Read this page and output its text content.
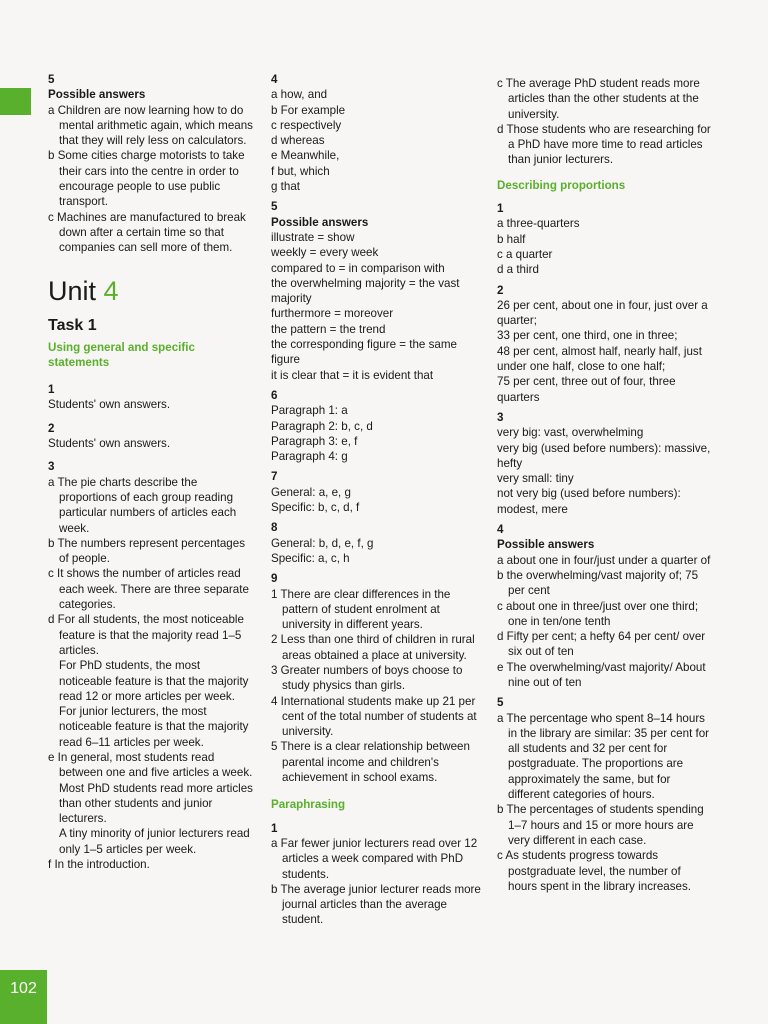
5
Possible answers
a Children are now learning how to do mental arithmetic again, which means that they will rely less on calculators.
b Some cities charge motorists to take their cars into the centre in order to encourage people to use public transport.
c Machines are manufactured to break down after a certain time so that companies can sell more of them.
Unit 4
Task 1
Using general and specific statements
1
Students' own answers.
2
Students' own answers.
3
a The pie charts describe the proportions of each group reading particular numbers of articles each week.
b The numbers represent percentages of people.
c It shows the number of articles read each week. There are three separate categories.
d For all students, the most noticeable feature is that the majority read 1–5 articles.
For PhD students, the most noticeable feature is that the majority read 12 or more articles per week.
For junior lecturers, the most noticeable feature is that the majority read 6–11 articles per week.
e In general, most students read between one and five articles a week.
Most PhD students read more articles than other students and junior lecturers.
A tiny minority of junior lecturers read only 1–5 articles per week.
f In the introduction.
4
a how, and
b For example
c respectively
d whereas
e Meanwhile,
f but, which
g that
5
Possible answers
illustrate = show
weekly = every week
compared to = in comparison with
the overwhelming majority = the vast majority
furthermore = moreover
the pattern = the trend
the corresponding figure = the same figure
it is clear that = it is evident that
6
Paragraph 1: a
Paragraph 2: b, c, d
Paragraph 3: e, f
Paragraph 4: g
7
General: a, e, g
Specific: b, c, d, f
8
General: b, d, e, f, g
Specific: a, c, h
9
1 There are clear differences in the pattern of student enrolment at university in different years.
2 Less than one third of children in rural areas obtained a place at university.
3 Greater numbers of boys choose to study physics than girls.
4 International students make up 21 per cent of the total number of students at university.
5 There is a clear relationship between parental income and children's achievement in school exams.
Paraphrasing
1
a Far fewer junior lecturers read over 12 articles a week compared with PhD students.
b The average junior lecturer reads more journal articles than the average student.
c The average PhD student reads more articles than the other students at the university.
d Those students who are researching for a PhD have more time to read articles than junior lecturers.
Describing proportions
1
a three-quarters
b half
c a quarter
d a third
2
26 per cent, about one in four, just over a quarter;
33 per cent, one third, one in three;
48 per cent, almost half, nearly half, just under one half, close to one half;
75 per cent, three out of four, three quarters
3
very big: vast, overwhelming
very big (used before numbers): massive, hefty
very small: tiny
not very big (used before numbers): modest, mere
4
Possible answers
a about one in four/just under a quarter of
b the overwhelming/vast majority of; 75 per cent
c about one in three/just over one third; one in ten/one tenth
d Fifty per cent; a hefty 64 per cent/ over six out of ten
e The overwhelming/vast majority/ About nine out of ten
5
a The percentage who spent 8–14 hours in the library are similar: 35 per cent for all students and 32 per cent for postgraduate. The proportions are approximately the same, but for different categories of hours.
b The percentages of students spending 1–7 hours and 15 or more hours are very different in each case.
c As students progress towards postgraduate level, the number of hours spent in the library increases.
102
